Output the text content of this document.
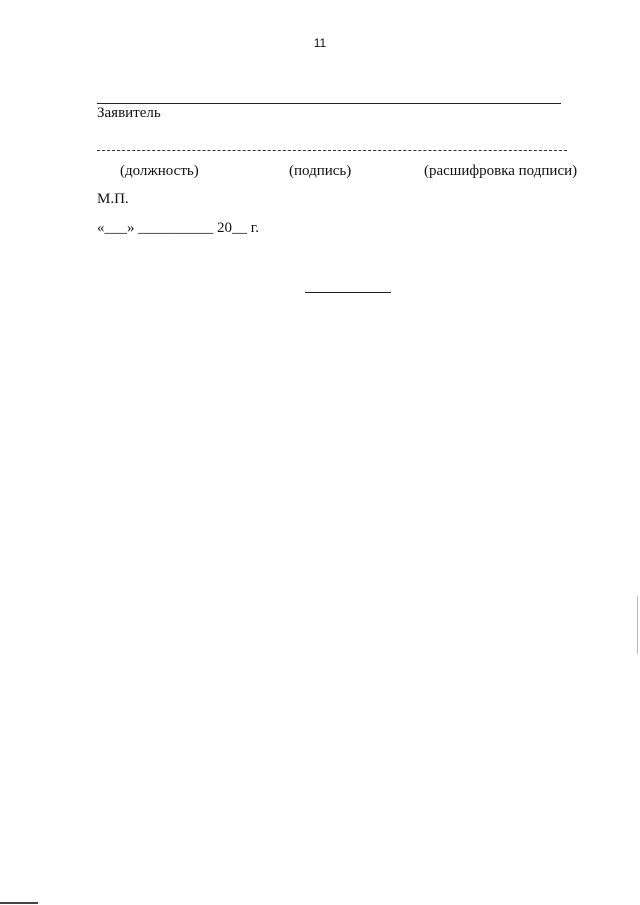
11
Заявитель
(должность)	(подпись)	(расшифровка подписи)
М.П.
«___» __________ 20__ г.
